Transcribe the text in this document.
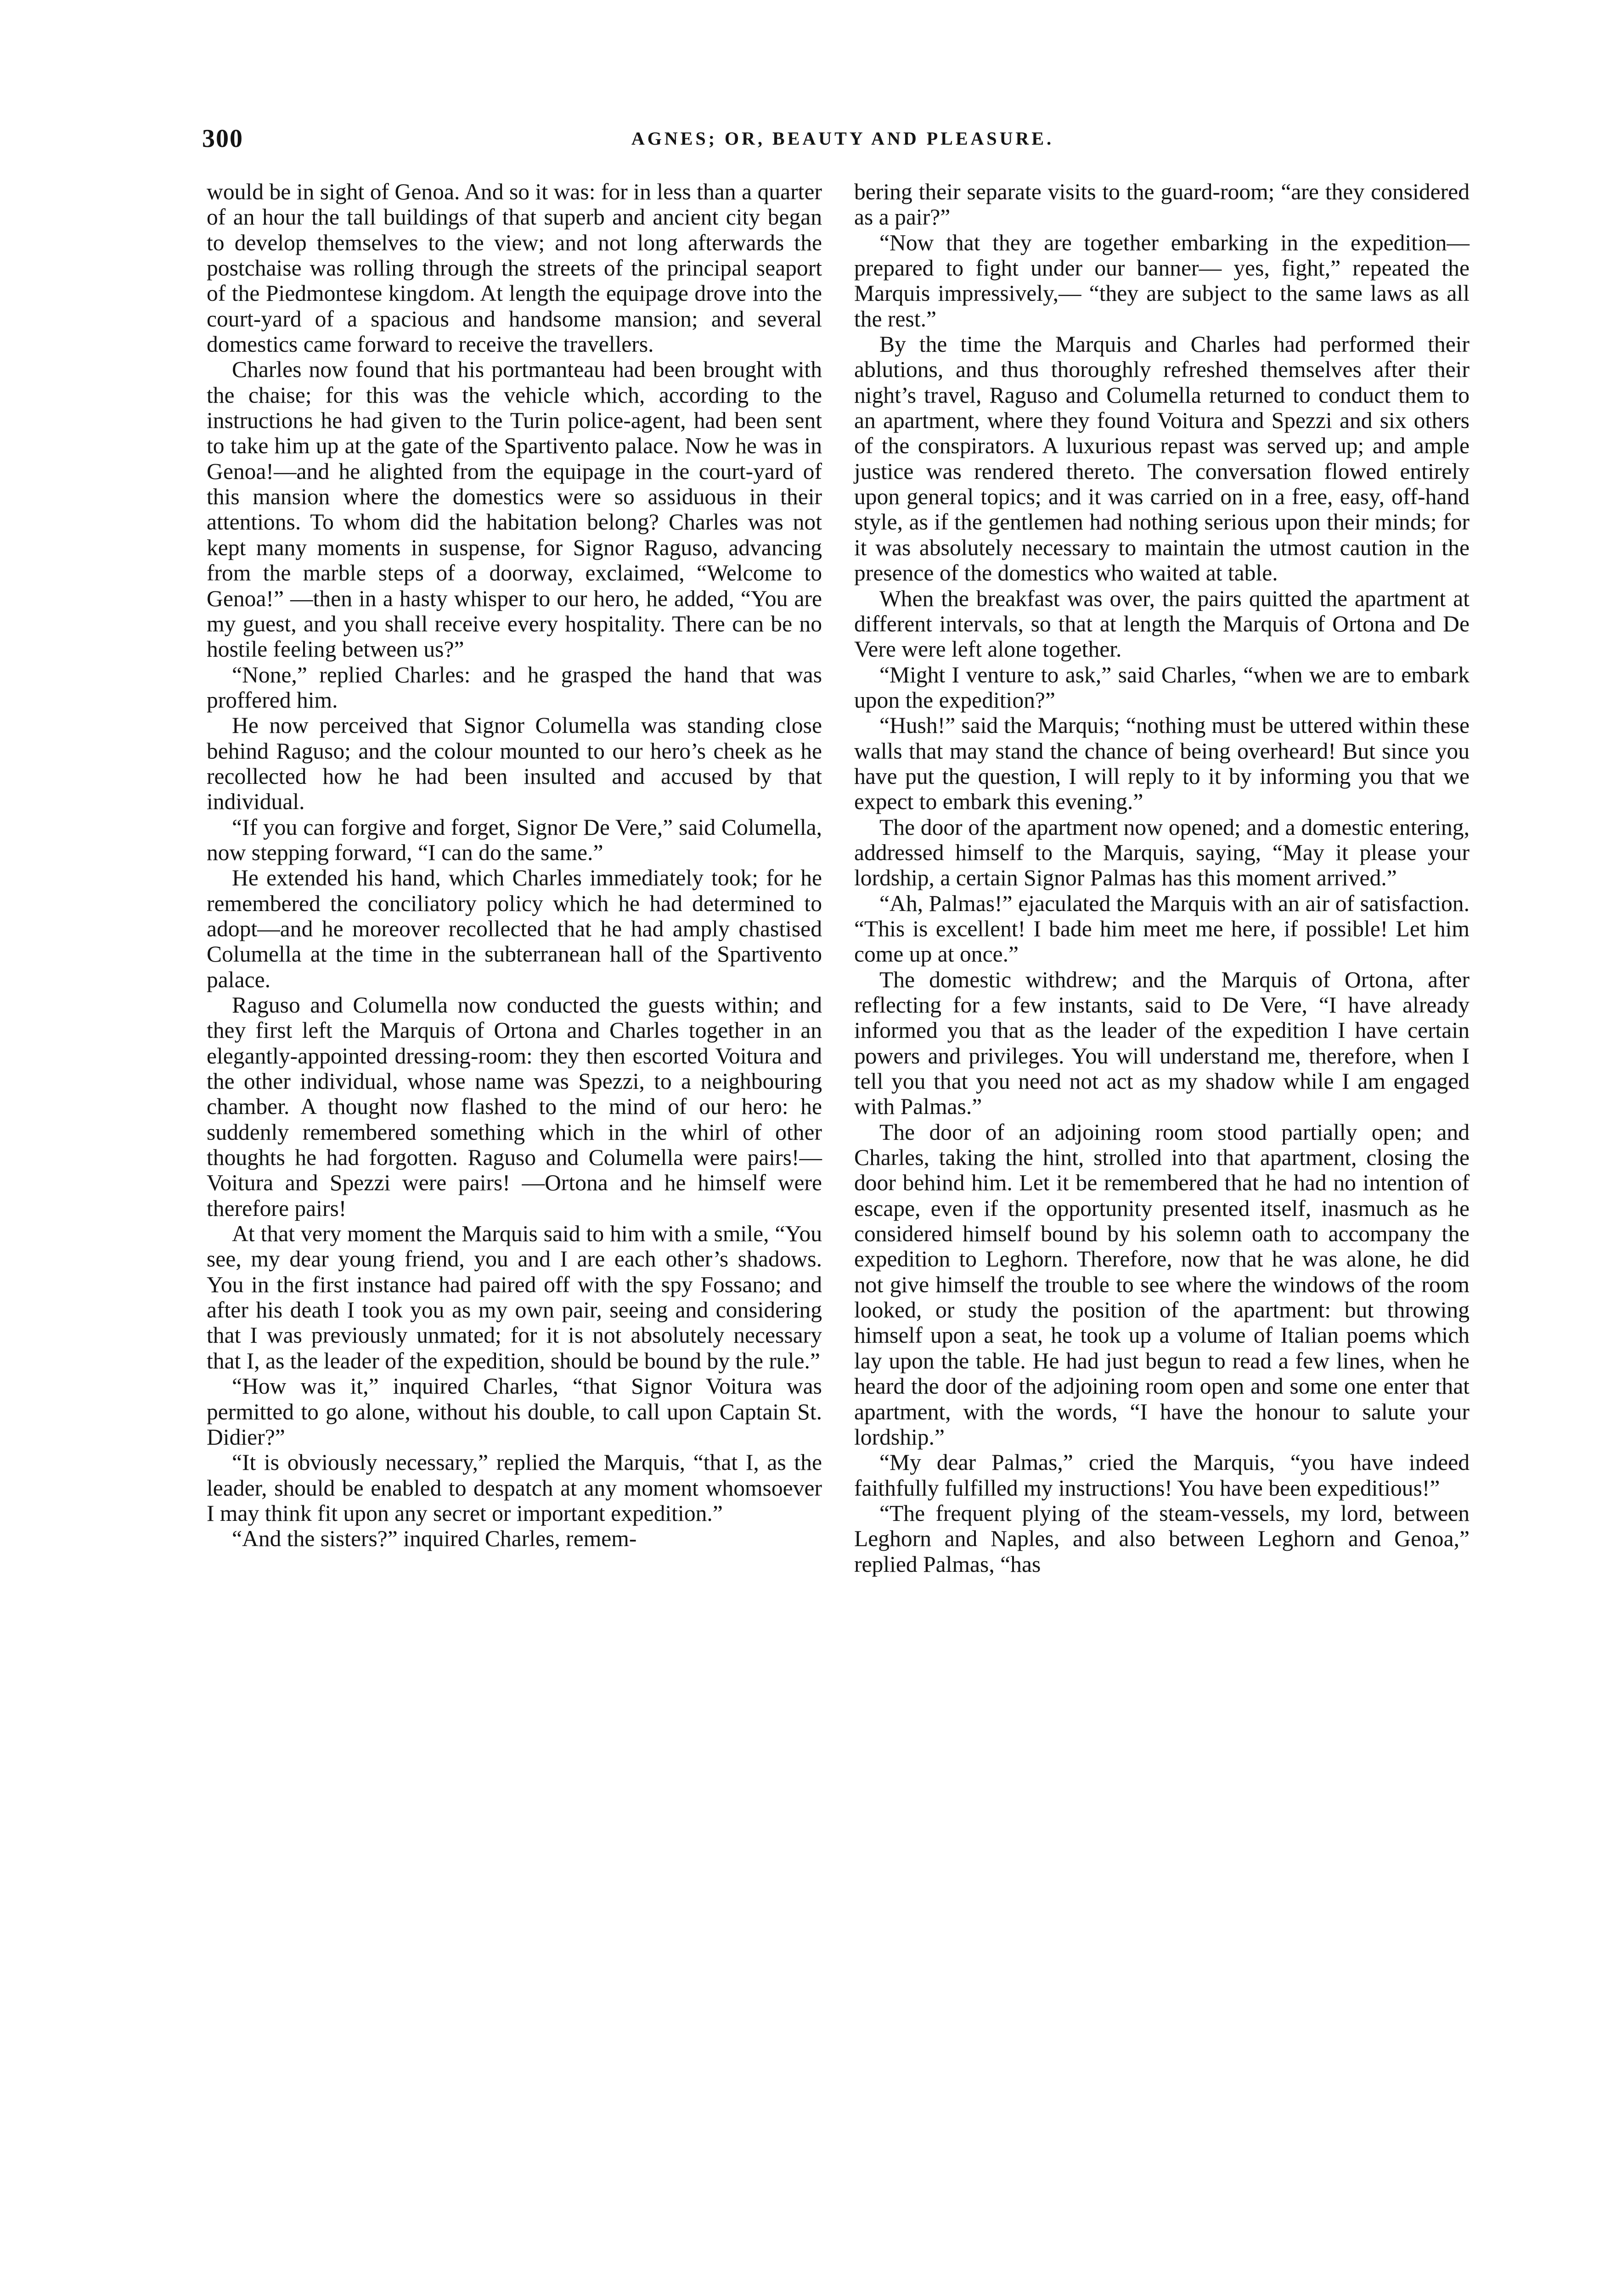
300	AGNES; OR, BEAUTY AND PLEASURE.

would be in sight of Genoa. And so it was: for in less than a quarter of an hour the tall buildings of that superb and ancient city began to develop themselves to the view; and not long afterwards the postchaise was rolling through the streets of the principal seaport of the Piedmontese kingdom. At length the equipage drove into the court-yard of a spacious and handsome mansion; and several domestics came forward to receive the travellers.

Charles now found that his portmanteau had been brought with the chaise; for this was the vehicle which, according to the instructions he had given to the Turin police-agent, had been sent to take him up at the gate of the Spartivento palace. Now he was in Genoa!—and he alighted from the equipage in the court-yard of this mansion where the domestics were so assiduous in their attentions. To whom did the habitation belong? Charles was not kept many moments in suspense, for Signor Raguso, advancing from the marble steps of a doorway, exclaimed, “Welcome to Genoa!” —then in a hasty whisper to our hero, he added, “You are my guest, and you shall receive every hospitality. There can be no hostile feeling between us?”

“None,” replied Charles: and he grasped the hand that was proffered him.

He now perceived that Signor Columella was standing close behind Raguso; and the colour mounted to our hero’s cheek as he recollected how he had been insulted and accused by that individual.

“If you can forgive and forget, Signor De Vere,” said Columella, now stepping forward, “I can do the same.”

He extended his hand, which Charles immediately took; for he remembered the conciliatory policy which he had determined to adopt—and he moreover recollected that he had amply chastised Columella at the time in the subterranean hall of the Spartivento palace.

Raguso and Columella now conducted the guests within; and they first left the Marquis of Ortona and Charles together in an elegantly-appointed dressing-room: they then escorted Voitura and the other individual, whose name was Spezzi, to a neighbouring chamber. A thought now flashed to the mind of our hero: he suddenly remembered something which in the whirl of other thoughts he had forgotten. Raguso and Columella were pairs!—Voitura and Spezzi were pairs! —Ortona and he himself were therefore pairs!

At that very moment the Marquis said to him with a smile, “You see, my dear young friend, you and I are each other’s shadows. You in the first instance had paired off with the spy Fossano; and after his death I took you as my own pair, seeing and considering that I was previously unmated; for it is not absolutely necessary that I, as the leader of the expedition, should be bound by the rule.”

“How was it,” inquired Charles, “that Signor Voitura was permitted to go alone, without his double, to call upon Captain St. Didier?”

“It is obviously necessary,” replied the Marquis, “that I, as the leader, should be enabled to despatch at any moment whomsoever I may think fit upon any secret or important expedition.”

“And the sisters?” inquired Charles, remem-

bering their separate visits to the guard-room; “are they considered as a pair?”

“Now that they are together embarking in the expedition—prepared to fight under our banner— yes, fight,” repeated the Marquis impressively,— “they are subject to the same laws as all the rest.”

By the time the Marquis and Charles had performed their ablutions, and thus thoroughly refreshed themselves after their night’s travel, Raguso and Columella returned to conduct them to an apartment, where they found Voitura and Spezzi and six others of the conspirators. A luxurious repast was served up; and ample justice was rendered thereto. The conversation flowed entirely upon general topics; and it was carried on in a free, easy, off-hand style, as if the gentlemen had nothing serious upon their minds; for it was absolutely necessary to maintain the utmost caution in the presence of the domestics who waited at table.

When the breakfast was over, the pairs quitted the apartment at different intervals, so that at length the Marquis of Ortona and De Vere were left alone together.

“Might I venture to ask,” said Charles, “when we are to embark upon the expedition?”

“Hush!” said the Marquis; “nothing must be uttered within these walls that may stand the chance of being overheard! But since you have put the question, I will reply to it by informing you that we expect to embark this evening.”

The door of the apartment now opened; and a domestic entering, addressed himself to the Marquis, saying, “May it please your lordship, a certain Signor Palmas has this moment arrived.”

“Ah, Palmas!” ejaculated the Marquis with an air of satisfaction. “This is excellent! I bade him meet me here, if possible! Let him come up at once.”

The domestic withdrew; and the Marquis of Ortona, after reflecting for a few instants, said to De Vere, “I have already informed you that as the leader of the expedition I have certain powers and privileges. You will understand me, therefore, when I tell you that you need not act as my shadow while I am engaged with Palmas.”

The door of an adjoining room stood partially open; and Charles, taking the hint, strolled into that apartment, closing the door behind him. Let it be remembered that he had no intention of escape, even if the opportunity presented itself, inasmuch as he considered himself bound by his solemn oath to accompany the expedition to Leghorn. Therefore, now that he was alone, he did not give himself the trouble to see where the windows of the room looked, or study the position of the apartment: but throwing himself upon a seat, he took up a volume of Italian poems which lay upon the table. He had just begun to read a few lines, when he heard the door of the adjoining room open and some one enter that apartment, with the words, “I have the honour to salute your lordship.”

“My dear Palmas,” cried the Marquis, “you have indeed faithfully fulfilled my instructions! You have been expeditious!”

“The frequent plying of the steam-vessels, my lord, between Leghorn and Naples, and also between Leghorn and Genoa,” replied Palmas, “has
